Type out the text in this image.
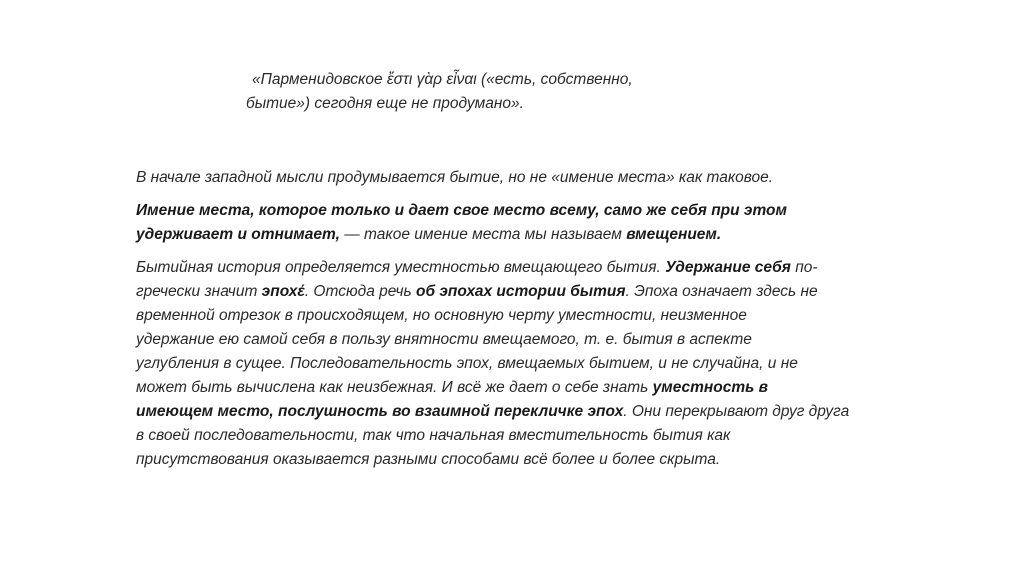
«Парменидовское ἔστι γὰρ εἶναι («есть, собственно,
бытие») сегодня еще не продумано».

В начале западной мысли продумывается бытие, но не «имение места» как таковое.

Имение места, которое только и дает свое место всему, само же себя при этом
удерживает и отнимает, — такое имение места мы называем вмещением.

Бытийная история определяется уместностью вмещающего бытия. Удержание себя по-
гречески значит эпохέ. Отсюда речь об эпохах истории бытия. Эпоха означает здесь не
временной отрезок в происходящем, но основную черту уместности, неизменное
удержание ею самой себя в пользу внятности вмещаемого, т. е. бытия в аспекте
углубления в сущее. Последовательность эпох, вмещаемых бытием, и не случайна, и не
может быть вычислена как неизбежная. И всё же дает о себе знать уместность в
имеющем место, послушность во взаимной перекличке эпох. Они перекрывают друг друга
в своей последовательности, так что начальная вместительность бытия как
присутствования оказывается разными способами всё более и более скрыта.
